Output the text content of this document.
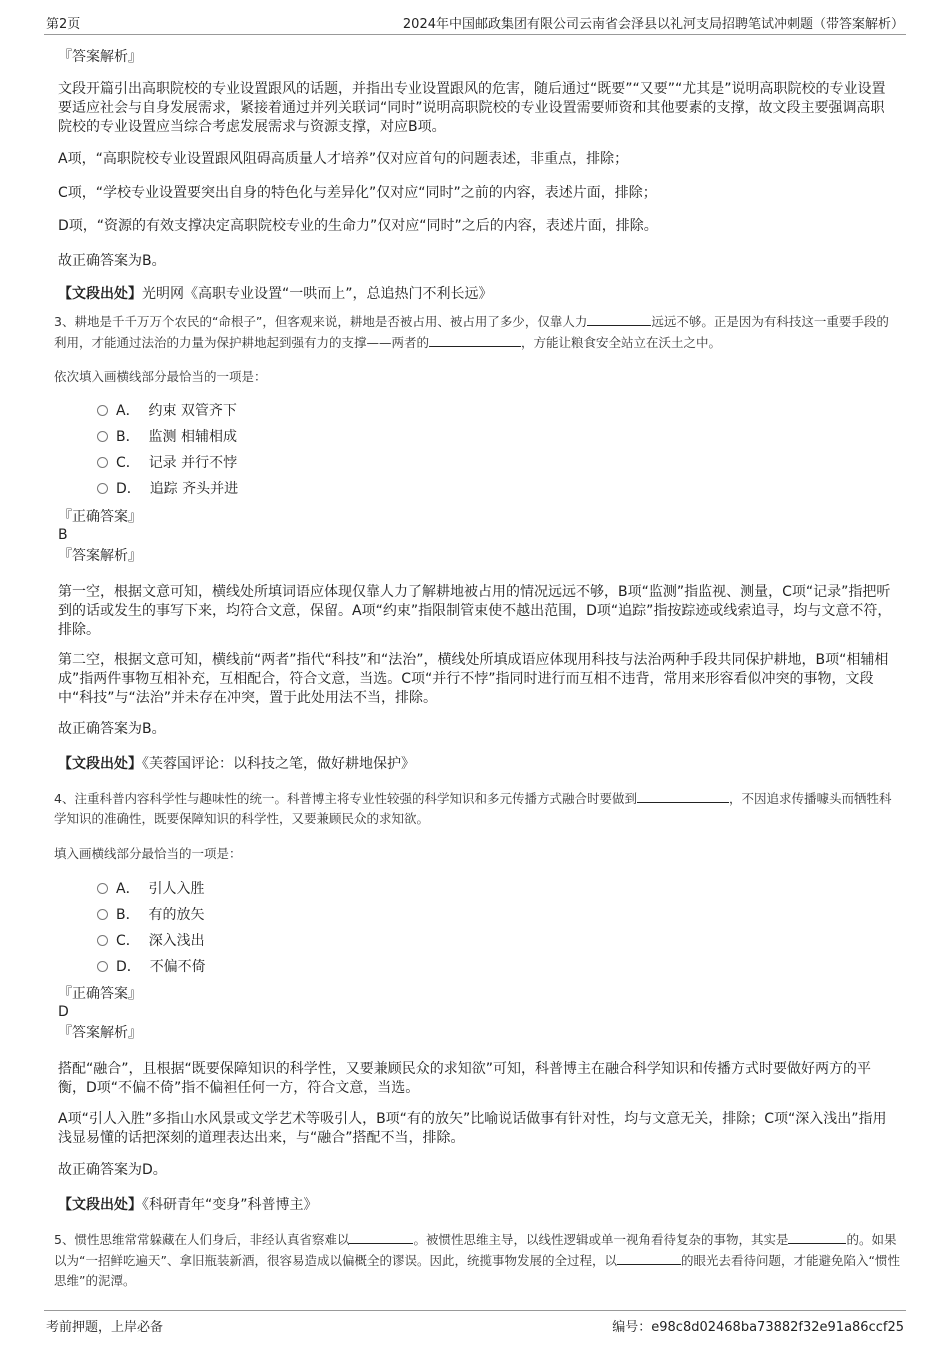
第2页	2024年中国邮政集团有限公司云南省会泽县以礼河支局招聘笔试冲刺题（带答案解析）
『答案解析』

文段开篇引出高职院校的专业设置跟风的话题，并指出专业设置跟风的危害，随后通过“既要”“又要”“尤其是”说明高职院校的专业设置要适应社会与自身发展需求，紧接着通过并列关联词“同时”说明高职院校的专业设置需要师资和其他要素的支撑，故文段主要强调高职院校的专业设置应当综合考虑发展需求与资源支撑，对应B项。

A项，“高职院校专业设置跟风阻碍高质量人才培养”仅对应首句的问题表述，非重点，排除；

C项，“学校专业设置要突出自身的特色化与差异化”仅对应“同时”之前的内容，表述片面，排除；

D项，“资源的有效支撑决定高职院校专业的生命力”仅对应“同时”之后的内容，表述片面，排除。

故正确答案为B。

【文段出处】光明网《高职专业设置“一哄而上”，总追热门不利长远》

3、耕地是千千万万个农民的“命根子”，但客观来说，耕地是否被占用、被占用了多少，仅靠人力	远远不够。正是因为有科技这一重要手段的利用，才能通过法治的力量为保护耕地起到强有力的支撑——两者的	，方能让粮食安全站立在沃土之中。

依次填入画横线部分最恰当的一项是：

A． 约束 双管齐下
B． 监测 相辅相成
C． 记录 并行不悖
D． 追踪 齐头并进
『正确答案』
B
『答案解析』

第一空，根据文意可知，横线处所填词语应体现仅靠人力了解耕地被占用的情况远远不够，B项“监测”指监视、测量，C项“记录”指把听到的话或发生的事写下来，均符合文意，保留。A项“约束”指限制管束使不越出范围，D项“追踪”指按踪迹或线索追寻，均与文意不符，排除。

第二空，根据文意可知，横线前“两者”指代“科技”和“法治”，横线处所填成语应体现用科技与法治两种手段共同保护耕地，B项“相辅相成”指两件事物互相补充，互相配合，符合文意，当选。C项“并行不悖”指同时进行而互相不违背，常用来形容看似冲突的事物，文段中“科技”与“法治”并未存在冲突，置于此处用法不当，排除。

故正确答案为B。

【文段出处】《芙蓉国评论：以科技之笔，做好耕地保护》

4、注重科普内容科学性与趣味性的统一。科普博主将专业性较强的科学知识和多元传播方式融合时要做到	，不因追求传播噱头而牺牲科学知识的准确性，既要保障知识的科学性，又要兼顾民众的求知欲。

填入画横线部分最恰当的一项是：

A． 引人入胜
B． 有的放矢
C． 深入浅出
D． 不偏不倚
『正确答案』
D
『答案解析』

搭配“融合”，且根据“既要保障知识的科学性，又要兼顾民众的求知欲”可知，科普博主在融合科学知识和传播方式时要做好两方的平衡，D项“不偏不倚”指不偏袒任何一方，符合文意，当选。

A项“引人入胜”多指山水风景或文学艺术等吸引人，B项“有的放矢”比喻说话做事有针对性，均与文意无关，排除；C项“深入浅出”指用浅显易懂的话把深刻的道理表达出来，与“融合”搭配不当，排除。

故正确答案为D。

【文段出处】《科研青年“变身”科普博主》

5、惯性思维常常躲藏在人们身后，非经认真省察难以	。被惯性思维主导，以线性逻辑或单一视角看待复杂的事物，其实是	的。如果以为“一招鲜吃遍天”、拿旧瓶装新酒，很容易造成以偏概全的谬误。因此，统揽事物发展的全过程，以	的眼光去看待问题，才能避免陷入“惯性思维”的泥潭。

考前押题，上岸必备	编号：e98c8d02468ba73882f32e91a86ccf25
